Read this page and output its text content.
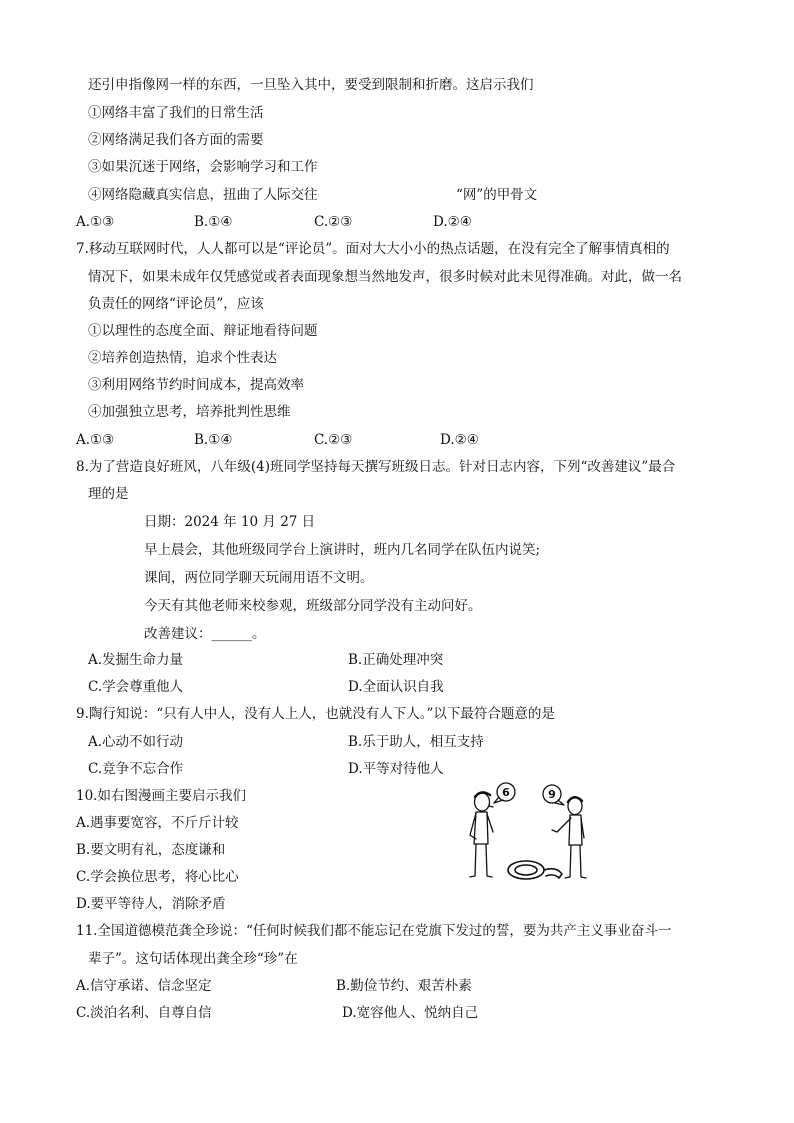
还引申指像网一样的东西，一旦坠入其中，要受到限制和折磨。这启示我们
①网络丰富了我们的日常生活
②网络满足我们各方面的需要
③如果沉迷于网络，会影响学习和工作
④网络隐藏真实信息，扭曲了人际交往	“网”的甲骨文
A.①③	B.①④	C.②③	D.②④
7.移动互联网时代，人人都可以是“评论员”。面对大大小小的热点话题，在没有完全了解事情真相的
情况下，如果未成年仅凭感觉或者表面现象想当然地发声，很多时候对此未见得准确。对此，做一名
负责任的网络“评论员”，应该
①以理性的态度全面、辩证地看待问题
②培养创造热情，追求个性表达
③利用网络节约时间成本，提高效率
④加强独立思考，培养批判性思维
A.①③	B.①④	C.②③	D.②④
8.为了营造良好班风，八年级(4)班同学坚持每天撰写班级日志。针对日志内容，下列“改善建议”最合
理的是
日期：2024 年 10 月 27 日
早上晨会，其他班级同学台上演讲时，班内几名同学在队伍内说笑;
课间，两位同学聊天玩闹用语不文明。
今天有其他老师来校参观，班级部分同学没有主动问好。
改善建议：______。
A.发掘生命力量	B.正确处理冲突
C.学会尊重他人	D.全面认识自我
9.陶行知说：“只有人中人，没有人上人，也就没有人下人。”以下最符合题意的是
A.心动不如行动	B.乐于助人，相互支持
C.竞争不忘合作	D.平等对待他人
10.如右图漫画主要启示我们
A.遇事要宽容，不斤斤计较
B.要文明有礼，态度谦和
C.学会换位思考，将心比心
D.要平等待人，消除矛盾
6	9
11.全国道德模范龚全珍说：“任何时候我们都不能忘记在党旗下发过的誓，要为共产主义事业奋斗一
辈子”。这句话体现出龚全珍“珍”在
A.信守承诺、信念坚定	B.勤俭节约、艰苦朴素
C.淡泊名利、自尊自信	D.宽容他人、悦纳自己
